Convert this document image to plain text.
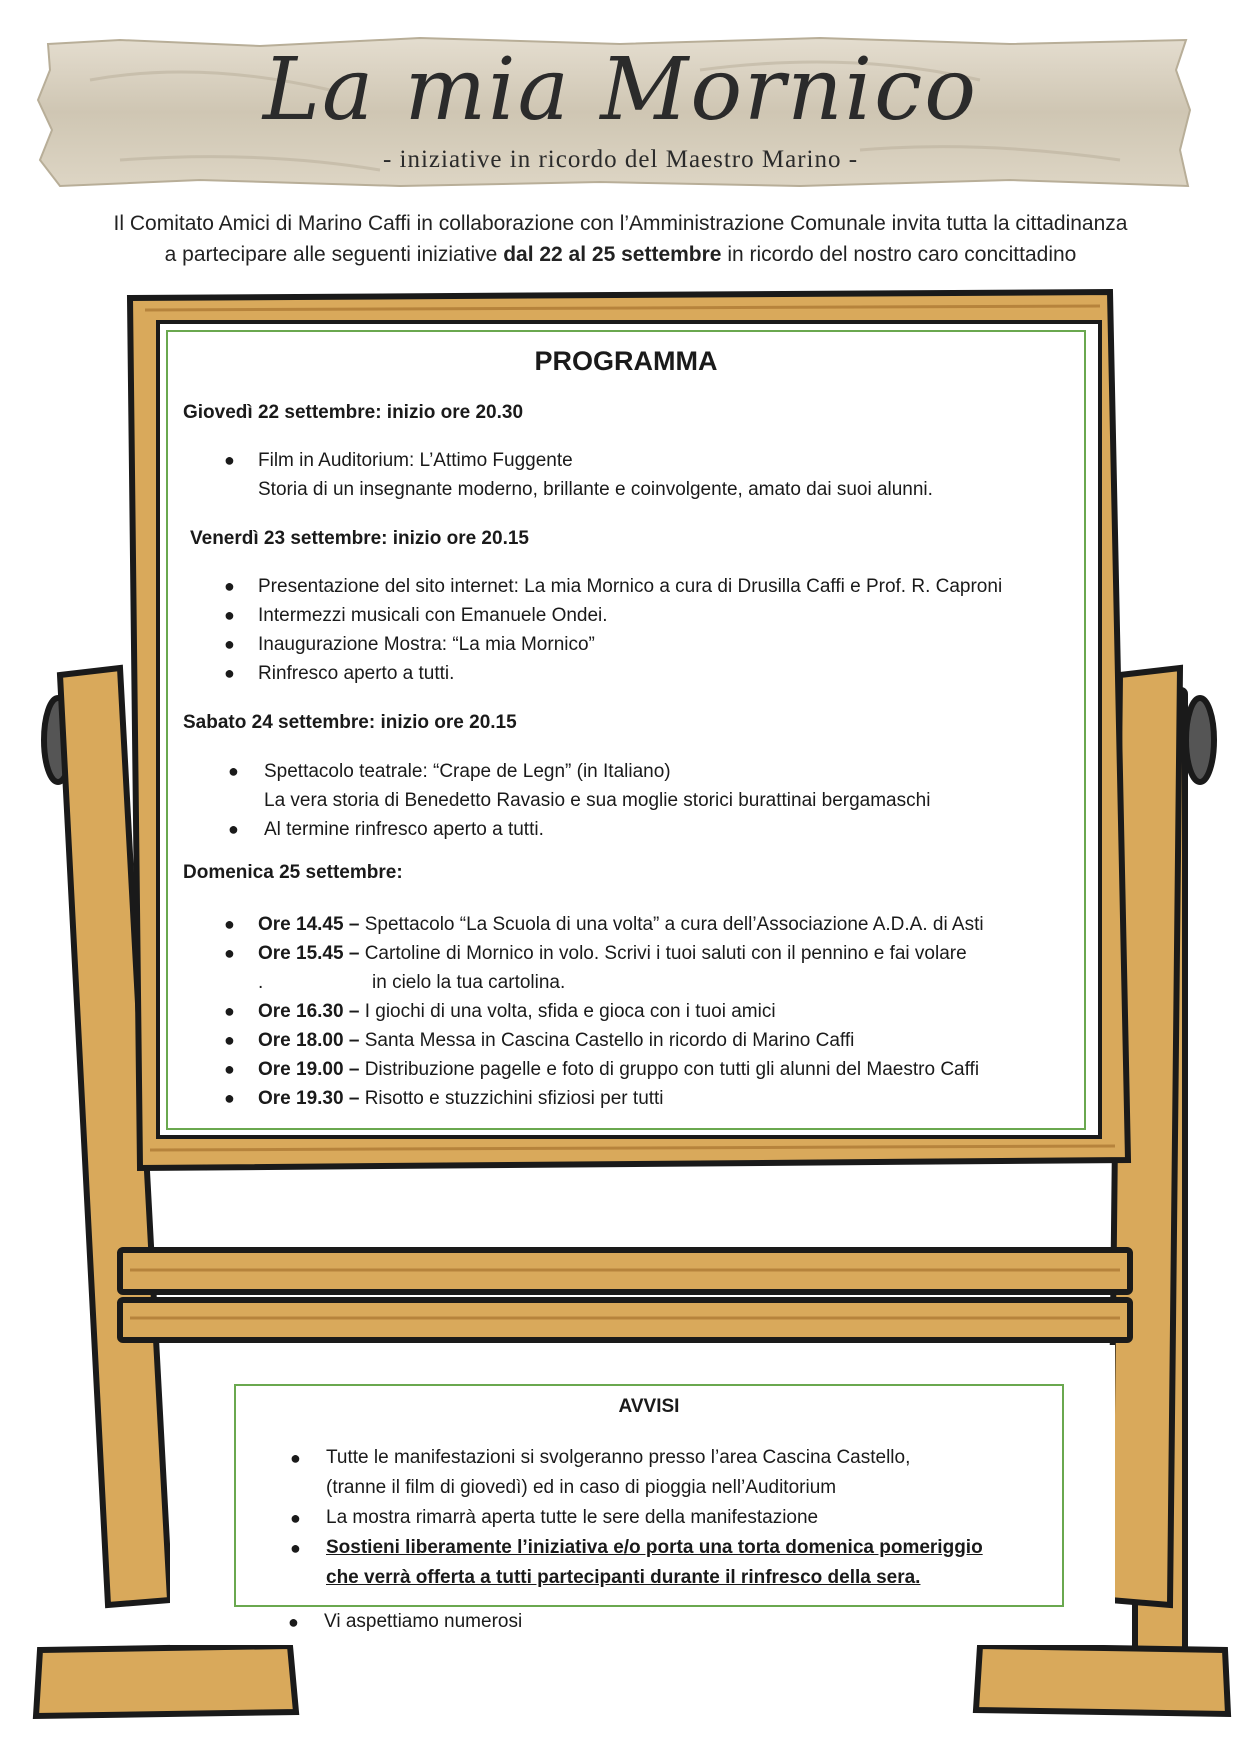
La mia Mornico
- iniziative in ricordo del Maestro Marino -
Il Comitato Amici di Marino Caffi in collaborazione con l’Amministrazione Comunale invita tutta la cittadinanza
a partecipare alle seguenti iniziative dal 22 al 25 settembre in ricordo del nostro caro concittadino
PROGRAMMA
Giovedì 22 settembre: inizio ore 20.30
● Film in Auditorium: L’Attimo Fuggente
Storia di un insegnante moderno, brillante e coinvolgente, amato dai suoi alunni.
Venerdì 23 settembre: inizio ore 20.15
● Presentazione del sito internet: La mia Mornico a cura di Drusilla Caffi e Prof. R. Caproni
● Intermezzi musicali con Emanuele Ondei.
● Inaugurazione Mostra: “La mia Mornico”
● Rinfresco aperto a tutti.
Sabato 24 settembre: inizio ore 20.15
● Spettacolo teatrale: “Crape de Legn” (in Italiano)
La vera storia di Benedetto Ravasio e sua moglie storici burattinai bergamaschi
● Al termine rinfresco aperto a tutti.
Domenica 25 settembre:
● Ore 14.45 – Spettacolo “La Scuola di una volta” a cura dell’Associazione A.D.A. di Asti
● Ore 15.45 – Cartoline di Mornico in volo. Scrivi i tuoi saluti con il pennino e fai volare
.	in cielo la tua cartolina.
● Ore 16.30 – I giochi di una volta, sfida e gioca con i tuoi amici
● Ore 18.00 – Santa Messa in Cascina Castello in ricordo di Marino Caffi
● Ore 19.00 – Distribuzione pagelle e foto di gruppo con tutti gli alunni del Maestro Caffi
● Ore 19.30 – Risotto e stuzzichini sfiziosi per tutti
AVVISI
● Tutte le manifestazioni si svolgeranno presso l’area Cascina Castello,
(tranne il film di giovedì) ed in caso di pioggia nell’Auditorium
● La mostra rimarrà aperta tutte le sere della manifestazione
● Sostieni liberamente l’iniziativa e/o porta una torta domenica pomeriggio
che verrà offerta a tutti partecipanti durante il rinfresco della sera.
● Vi aspettiamo numerosi
